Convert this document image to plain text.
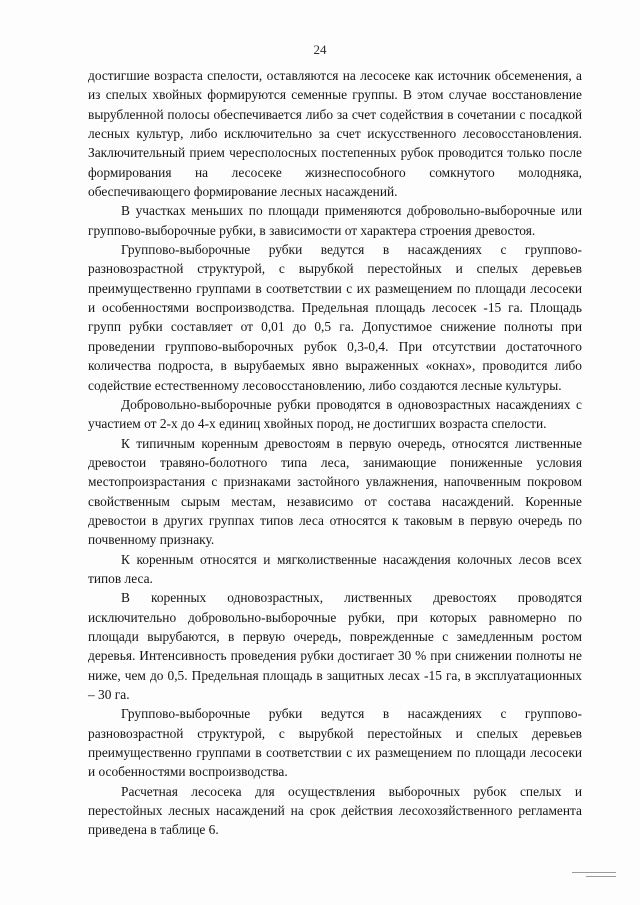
24

достигшие возраста спелости, оставляются на лесосеке как источник обсеменения, а из спелых хвойных формируются семенные группы. В этом случае восстановление вырубленной полосы обеспечивается либо за счет содействия в сочетании с посадкой лесных культур, либо исключительно за счет искусственного лесовосстановления. Заключительный прием чересполосных постепенных рубок проводится только после формирования на лесосеке жизнеспособного сомкнутого молодняка, обеспечивающего формирование лесных насаждений.

В участках меньших по площади применяются добровольно-выборочные или группово-выборочные рубки, в зависимости от характера строения древостоя.

Группово-выборочные рубки ведутся в насаждениях с группово-разновозрастной структурой, с вырубкой перестойных и спелых деревьев преимущественно группами в соответствии с их размещением по площади лесосеки и особенностями воспроизводства. Предельная площадь лесосек -15 га. Площадь групп рубки составляет от 0,01 до 0,5 га. Допустимое снижение полноты при проведении группово-выборочных рубок 0,3-0,4. При отсутствии достаточного количества подроста, в вырубаемых явно выраженных «окнах», проводится либо содействие естественному лесовосстановлению, либо создаются лесные культуры.

Добровольно-выборочные рубки проводятся в одновозрастных насаждениях с участием от 2-х до 4-х единиц хвойных пород, не достигших возраста спелости.

К типичным коренным древостоям в первую очередь, относятся лиственные древостои травяно-болотного типа леса, занимающие пониженные условия местопроизрастания с признаками застойного увлажнения, напочвенным покровом свойственным сырым местам, независимо от состава насаждений. Коренные древостои в других группах типов леса относятся к таковым в первую очередь по почвенному признаку.

К коренным относятся и мягколиственные насаждения колочных лесов всех типов леса.

В коренных одновозрастных, лиственных древостоях проводятся исключительно добровольно-выборочные рубки, при которых равномерно по площади вырубаются, в первую очередь, поврежденные с замедленным ростом деревья. Интенсивность проведения рубки достигает 30 % при снижении полноты не ниже, чем до 0,5. Предельная площадь в защитных лесах -15 га, в эксплуатационных – 30 га.

Группово-выборочные рубки ведутся в насаждениях с группово-разновозрастной структурой, с вырубкой перестойных и спелых деревьев преимущественно группами в соответствии с их размещением по площади лесосеки и особенностями воспроизводства.

Расчетная лесосека для осуществления выборочных рубок спелых и перестойных лесных насаждений на срок действия лесохозяйственного регламента приведена в таблице 6.
